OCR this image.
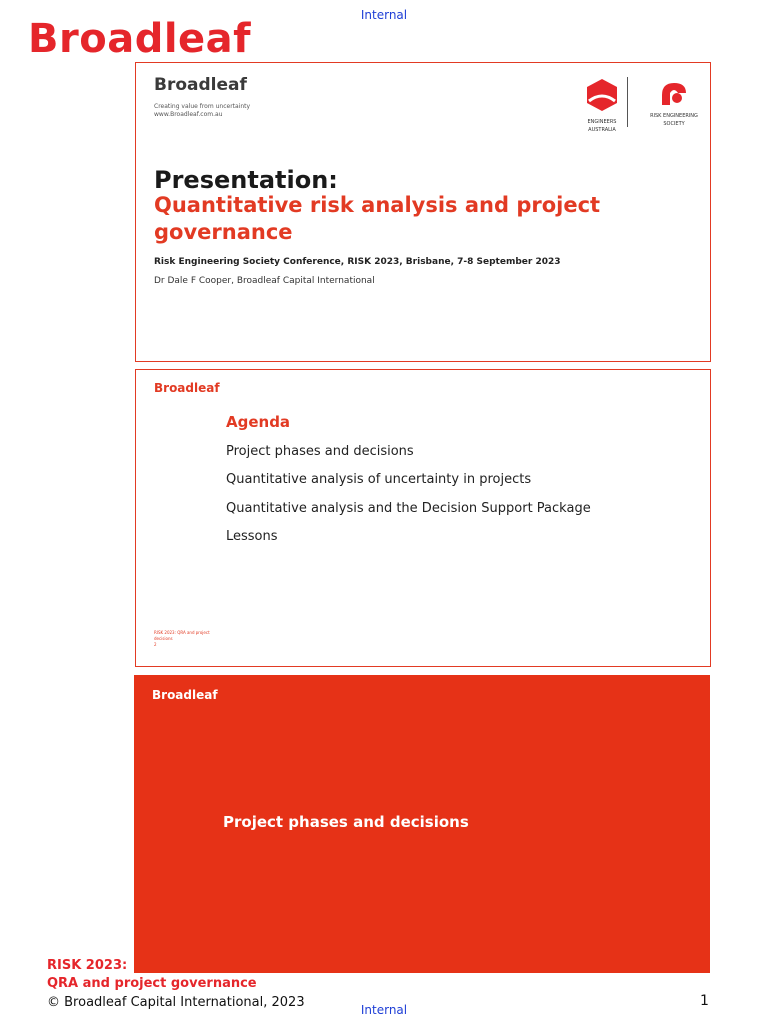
Internal
Broadleaf
Broadleaf
Creating value from uncertainty
www.Broadleaf.com.au
ENGINEERS
AUSTRALIA
RISK ENGINEERING
SOCIETY
Presentation:
Quantitative risk analysis and project governance
Risk Engineering Society Conference, RISK 2023, Brisbane, 7-8 September 2023
Dr Dale F Cooper, Broadleaf Capital International
Broadleaf
Agenda
Project phases and decisions
Quantitative analysis of uncertainty in projects
Quantitative analysis and the Decision Support Package
Lessons
RISK 2023: QRA and project
decisions
2
Broadleaf
Project phases and decisions
RISK 2023:
QRA and project governance
© Broadleaf Capital International, 2023	1
Internal
